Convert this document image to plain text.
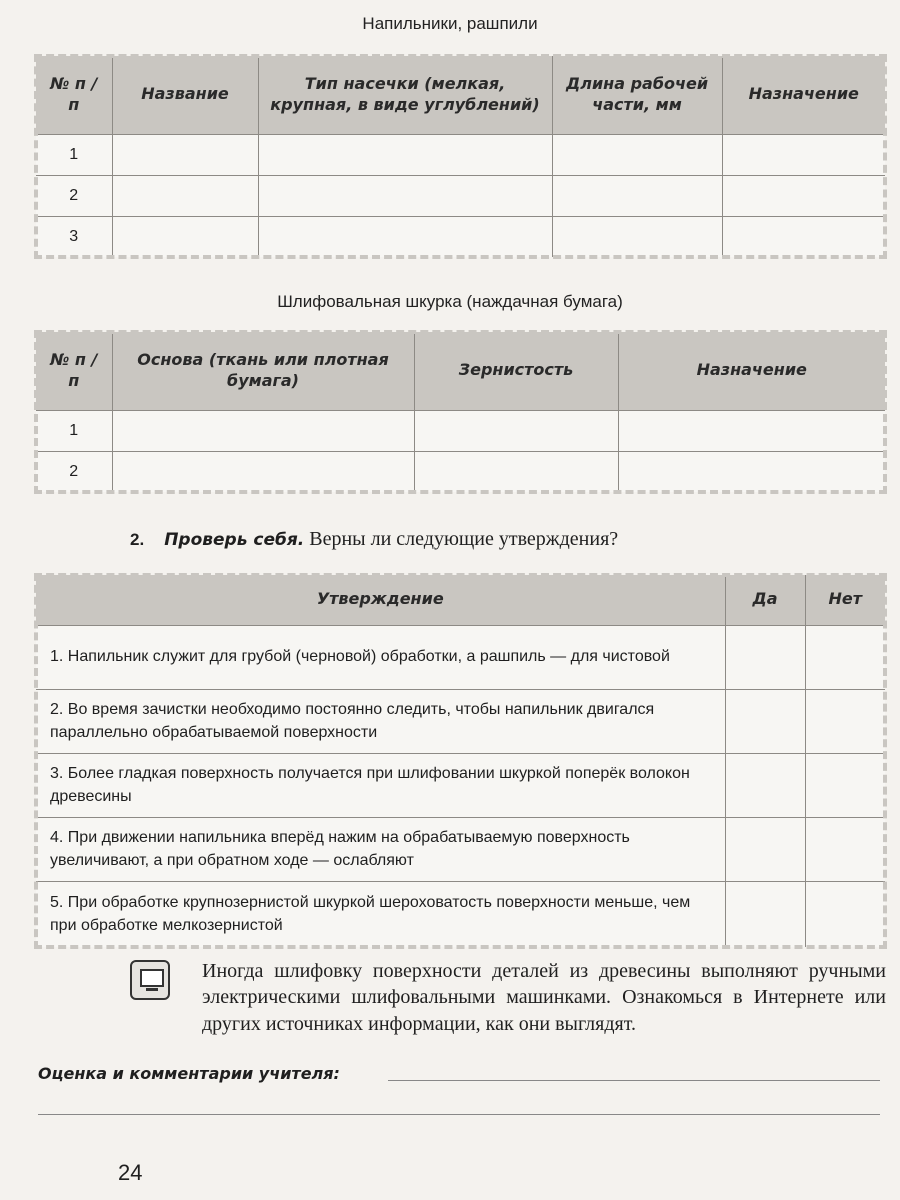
Напильники, рашпили
№ п / п	Название	Тип насечки (мелкая, крупная, в виде углублений)	Длина рабочей части, мм	Назначение
1				
2				
3				
Шлифовальная шкурка (наждачная бумага)
№ п / п	Основа (ткань или плотная бумага)	Зернистость	Назначение
1			
2			
2. Проверь себя. Верны ли следующие утверждения?
Утверждение	Да	Нет
1. Напильник служит для грубой (черновой) обработки, а рашпиль — для чистовой		
2. Во время зачистки необходимо постоянно следить, чтобы напильник двигался параллельно обрабатываемой поверхности		
3. Более гладкая поверхность получается при шлифовании шкуркой поперёк волокон древесины		
4. При движении напильника вперёд нажим на обрабатываемую поверхность увеличивают, а при обратном ходе — ослабляют		
5. При обработке крупнозернистой шкуркой шероховатость поверхности меньше, чем при обработке мелкозернистой		
Иногда шлифовку поверхности деталей из древесины выполняют ручными электрическими шлифовальными машинками. Ознакомься в Интернете или других источниках информации, как они выглядят.
Оценка и комментарии учителя:
24
